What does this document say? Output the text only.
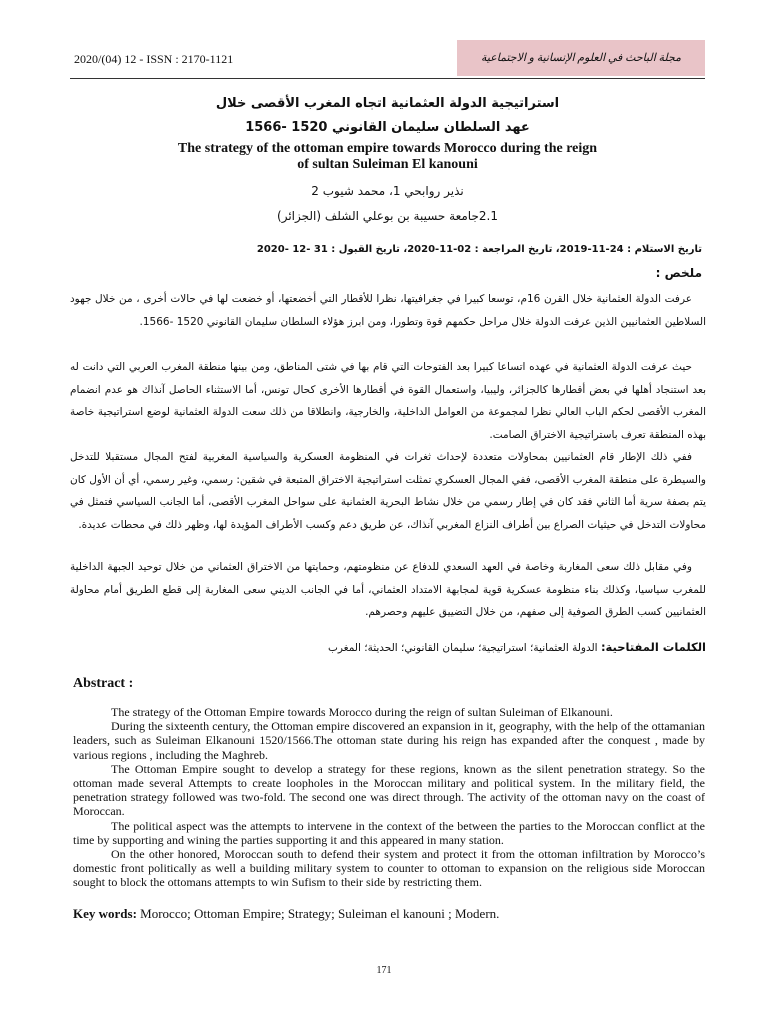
2020/(04) 12 - ISSN : 2170-1121	مجلة الباحث في العلوم الإنسانية و الاجتماعية
استراتيجية الدولة العثمانية اتجاه المغرب الأقصى خلال
عهد السلطان سليمان القانوني 1520 -1566
The strategy of the ottoman empire towards Morocco during the reign
of sultan Suleiman El kanouni
نذير روابحي 1، محمد شيوب 2
2.1جامعة حسيبة بن بوعلي الشلف (الجزائر)
تاريخ الاستلام : 24-11-2019، تاريخ المراجعة : 02-11-2020، تاريخ القبول : 31 -12 -2020
ملخص :

عرفت الدولة العثمانية خلال القرن 16م، توسعا كبيرا في جغرافيتها، نظرا للأقطار التي أخضعتها، أو خضعت لها في حالات أخرى ، من خلال جهود السلاطين العثمانيين الذين عرفت الدولة خلال مراحل حكمهم قوة وتطورا، ومن ابرز هؤلاء السلطان سليمان القانوني 1520 -1566.

حيث عرفت الدولة العثمانية في عهده اتساعا كبيرا بعد الفتوحات التي قام بها في شتى المناطق، ومن بينها منطقة المغرب العربي التي دانت له بعد استنجاد أهلها في بعض أقطارها كالجزائر، وليبيا، واستعمال القوة في أقطارها الأخرى كحال تونس، أما الاستثناء الحاصل آنذاك هو عدم انضمام المغرب الأقصى لحكم الباب العالي نظرا لمجموعة من العوامل الداخلية، والخارجية، وانطلاقا من ذلك سعت الدولة العثمانية لوضع استراتيجية خاصة بهذه المنطقة تعرف باستراتيجية الاختراق الصامت.

ففي ذلك الإطار قام العثمانيين بمحاولات متعددة لإحداث ثغرات في المنظومة العسكرية والسياسية المغربية لفتح المجال مستقبلا للتدخل والسيطرة على منطقة المغرب الأقصى، ففي المجال العسكري تمثلت استراتيجية الاختراق المتبعة في شقين: رسمي، وغير رسمي، أي أن الأول كان يتم بصفة سرية أما الثاني فقد كان في إطار رسمي من خلال نشاط البحرية العثمانية على سواحل المغرب الأقصى، أما الجانب السياسي فتمثل في محاولات التدخل في حيثيات الصراع بين أطراف النزاع المغربي آنذاك، عن طريق دعم وكسب الأطراف المؤيدة لها، وظهر ذلك في محطات عديدة.

وفي مقابل ذلك سعى المغاربة وخاصة في العهد السعدي للدفاع عن منظومتهم، وحمايتها من الاختراق العثماني من خلال توحيد الجبهة الداخلية للمغرب سياسيا، وكذلك بناء منظومة عسكرية قوية لمجابهة الامتداد العثماني، أما في الجانب الديني سعى المغاربة إلى قطع الطريق أمام محاولة العثمانيين كسب الطرق الصوفية إلى صفهم، من خلال التضييق عليهم وحصرهم.

الكلمات المفتاحية: الدولة العثمانية؛ استراتيجية؛ سليمان القانوني؛ الحديثة؛ المغرب
Abstract :

The strategy of the Ottoman Empire towards Morocco during the reign of sultan Suleiman of Elkanouni.

During the sixteenth century, the Ottoman empire discovered an expansion in it, geography, with the help of the ottamanian leaders, such as Suleiman Elkanouni 1520/1566.The ottoman state during his reign has expanded after the conquest , made by various regions , including the Maghreb.

The Ottoman Empire sought to develop a strategy for these regions, known as the silent penetration strategy. So the ottoman made several Attempts to create loopholes in the Moroccan military and political system. In the military field, the penetration strategy followed was two-fold. The second one was direct through. The activity of the ottoman navy on the coast of Moroccan.

The political aspect was the attempts to intervene in the context of the between the parties to the Moroccan conflict at the time by supporting and wining the parties supporting it and this appeared in many station.

On the other honored, Moroccan south to defend their system and protect it from the ottoman infiltration by Morocco’s domestic front politically as well a building military system to counter to ottoman to expansion on the religious side Moroccan sought to block the ottomans attempts to win Sufism to their side by restricting them.

Key words: Morocco; Ottoman Empire; Strategy; Suleiman el kanouni ; Modern.
171
